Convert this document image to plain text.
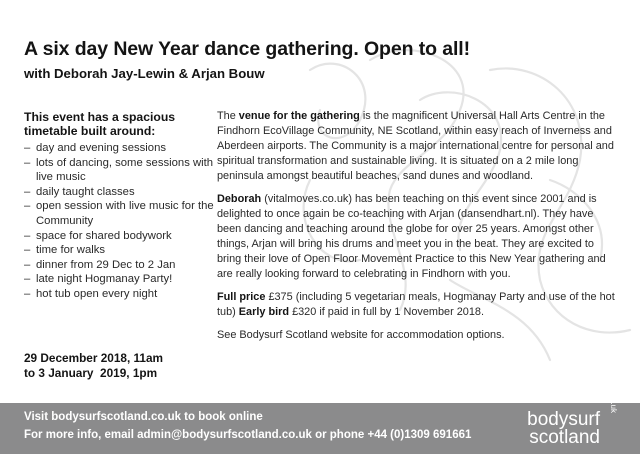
A six day New Year dance gathering. Open to all!
with Deborah Jay-Lewin & Arjan Bouw
This event has a spacious
timetable built around:
– day and evening sessions
– lots of dancing, some sessions with live music
– daily taught classes
– open session with live music for the Community
– space for shared bodywork
– time for walks
– dinner from 29 Dec to 2 Jan
– late night Hogmanay Party!
– hot tub open every night
29 December 2018, 11am
to 3 January  2019, 1pm

The venue for the gathering is the magnificent Universal Hall Arts Centre in the Findhorn EcoVillage Community, NE Scotland, within easy reach of Inverness and Aberdeen airports. The Community is a major international centre for personal and spiritual transformation and sustainable living. It is situated on a 2 mile long peninsula amongst beautiful beaches, sand dunes and woodland.

Deborah (vitalmoves.co.uk) has been teaching on this event since 2001 and is delighted to once again be co-teaching with Arjan (dansendhart.nl). They have been dancing and teaching around the globe for over 25 years. Amongst other things, Arjan will bring his drums and meet you in the beat. They are excited to bring their love of Open Floor Movement Practice to this New Year gathering and are really looking forward to celebrating in Findhorn with you.

Full price £375 (including 5 vegetarian meals, Hogmanay Party and use of the hot tub) Early bird £320 if paid in full by 1 November 2018.

See Bodysurf Scotland website for accommodation options.

Visit bodysurfscotland.co.uk to book online
For more info, email admin@bodysurfscotland.co.uk or phone +44 (0)1309 691661
bodysurf
scotland
co.uk
